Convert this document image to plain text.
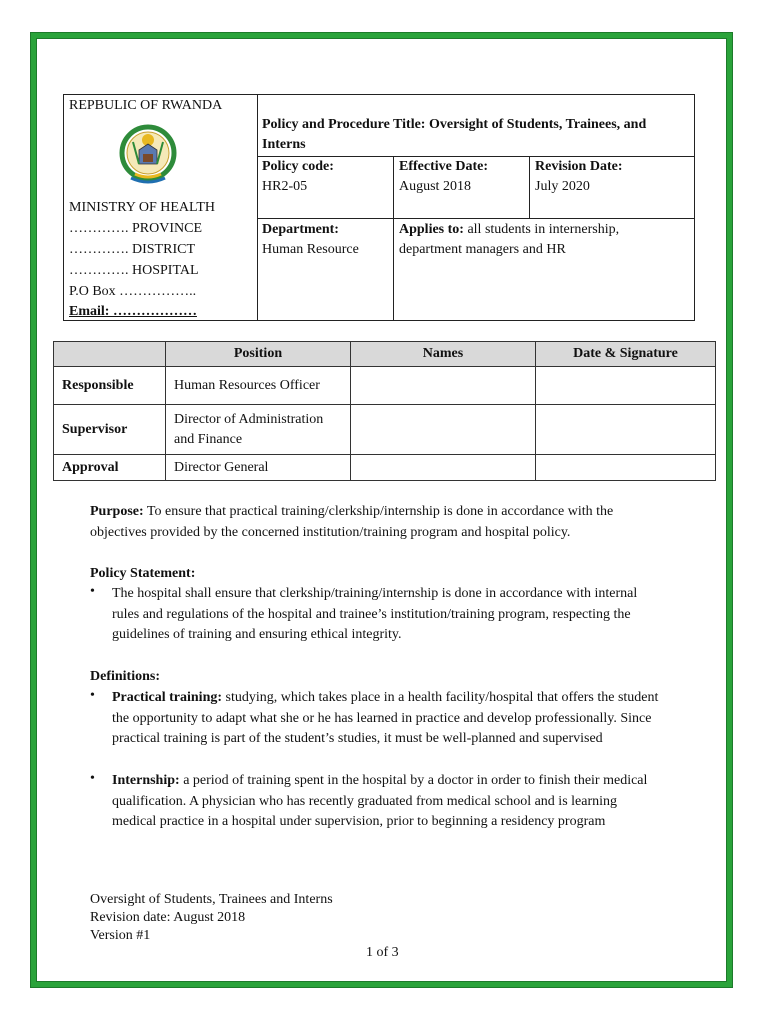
REPBULIC OF RWANDA
MINISTRY OF HEALTH
…………. PROVINCE
…………. DISTRICT
…………. HOSPITAL
P.O Box ……………..
Email: ………………
Policy and Procedure Title: Oversight of Students, Trainees, and Interns
Policy code:
HR2-05
Effective Date:
August 2018
Revision Date:
July 2020
Department:
Human Resource
Applies to: all students in internership, department managers and HR
	Position	Names	Date & Signature
Responsible	Human Resources Officer		
Supervisor	Director of Administration and Finance		
Approval	Director General		
Purpose: To ensure that practical training/clerkship/internship is done in accordance with the objectives provided by the concerned institution/training program and hospital policy.
Policy Statement:
• The hospital shall ensure that clerkship/training/internship is done in accordance with internal rules and regulations of the hospital and trainee’s institution/training program, respecting the guidelines of training and ensuring ethical integrity.
Definitions:
• Practical training: studying, which takes place in a health facility/hospital that offers the student the opportunity to adapt what she or he has learned in practice and develop professionally. Since practical training is part of the student’s studies, it must be well-planned and supervised
• Internship: a period of training spent in the hospital by a doctor in order to finish their medical qualification. A physician who has recently graduated from medical school and is learning medical practice in a hospital under supervision, prior to beginning a residency program
Oversight of Students, Trainees and Interns
Revision date: August 2018
Version #1
1 of 3
